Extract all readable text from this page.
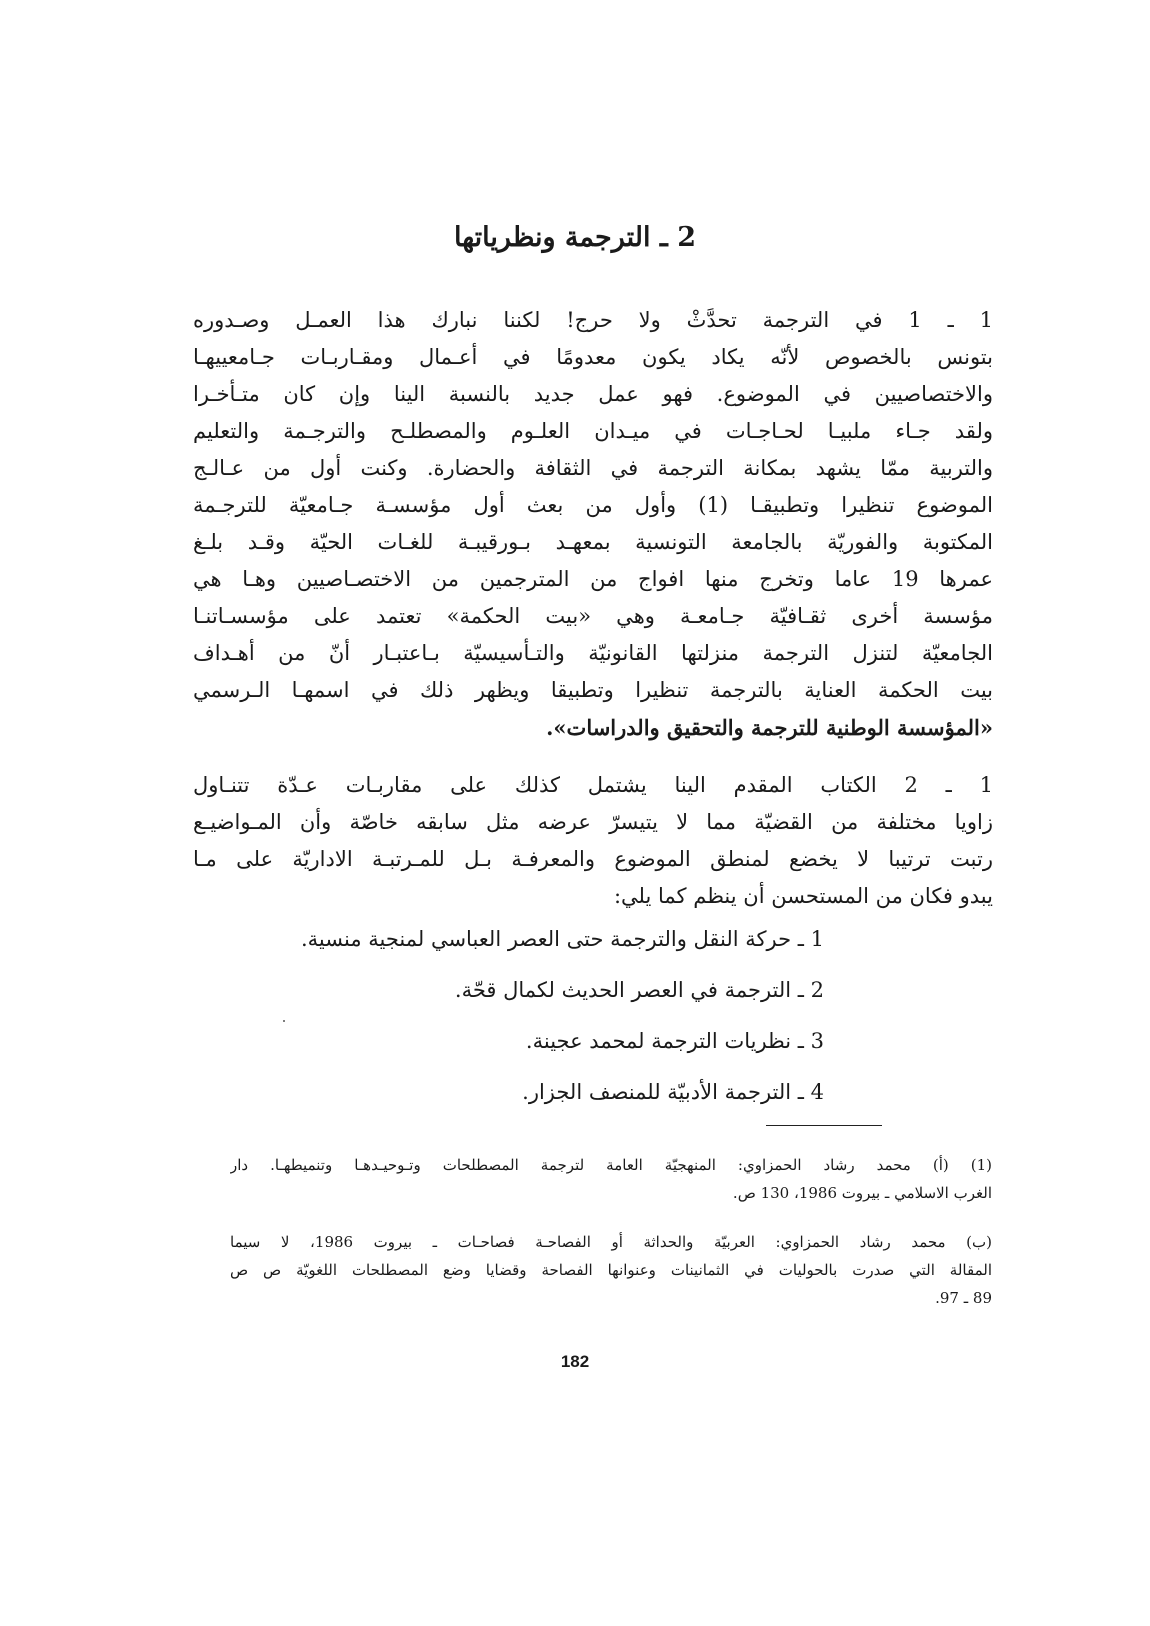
2 ـ الترجمة ونظرياتها
1 ـ 1 في الترجمة تحدَّثْ ولا حرج! لكننا نبارك هذا العمـل وصـدوره
بتونس بالخصوص لأنّه يكاد يكون معدومًا في أعـمال ومقـاربـات جـامعييهـا
والاختصاصيين في الموضوع. فهو عمل جديد بالنسبة الينا وإن كان متـأخـرا
ولقد جـاء ملبيـا لحـاجـات في ميـدان العلـوم والمصطلـح والترجـمة والتعليم
والتربية ممّا يشهد بمكانة الترجمة في الثقافة والحضارة. وكنت أول من عـالـج
الموضوع تنظيرا وتطبيقـا (1) وأول من بعث أول مؤسسـة جـامعيّة للترجـمة
المكتوبة والفوريّة بالجامعة التونسية بمعهـد بـورقيبـة للغـات الحيّة وقـد بلـغ
عمرها 19 عاما وتخرج منها افواج من المترجمين من الاختصـاصيين وهـا هي
مؤسسة أخرى ثقـافيّة جـامعـة وهي «بيت الحكمة» تعتمد على مؤسسـاتنـا
الجامعيّة لتنزل الترجمة منزلتها القانونيّة والتـأسيسيّة بـاعتبـار أنّ من أهـداف
بيت الحكمة العناية بالترجمة تنظيرا وتطبيقا ويظهر ذلك في اسمهـا الـرسمي
«المؤسسة الوطنية للترجمة والتحقيق والدراسات».
1 ـ 2 الكتاب المقدم الينا يشتمل كذلك على مقاربـات عـدّة تتنـاول
زاويا مختلفة من القضيّة مما لا يتيسرّ عرضه مثل سابقه خاصّة وأن المـواضيـع
رتبت ترتيبا لا يخضع لمنطق الموضوع والمعرفـة بـل للمـرتبـة الاداريّة على مـا
يبدو فكان من المستحسن أن ينظم كما يلي:
1 ـ حركة النقل والترجمة حتى العصر العباسي لمنجية منسية.
2 ـ الترجمة في العصر الحديث لكمال قحّة.
3 ـ نظريات الترجمة لمحمد عجينة.
4 ـ الترجمة الأدبيّة للمنصف الجزار.
(1) (أ) محمد رشاد الحمزاوي: المنهجيّة العامة لترجمة المصطلحات وتـوحيـدهـا وتنميطهـا. دار
الغرب الاسلامي ـ بيروت 1986، 130 ص.
(ب) محمد رشاد الحمزاوي: العربيّة والحداثة أو الفصاحـة فصاحـات ـ بيروت 1986، لا سيما
المقالة التي صدرت بالحوليات في الثمانينات وعنوانها الفصاحة وقضايا وضع المصطلحات اللغويّة ص ص
89 ـ 97.
182
